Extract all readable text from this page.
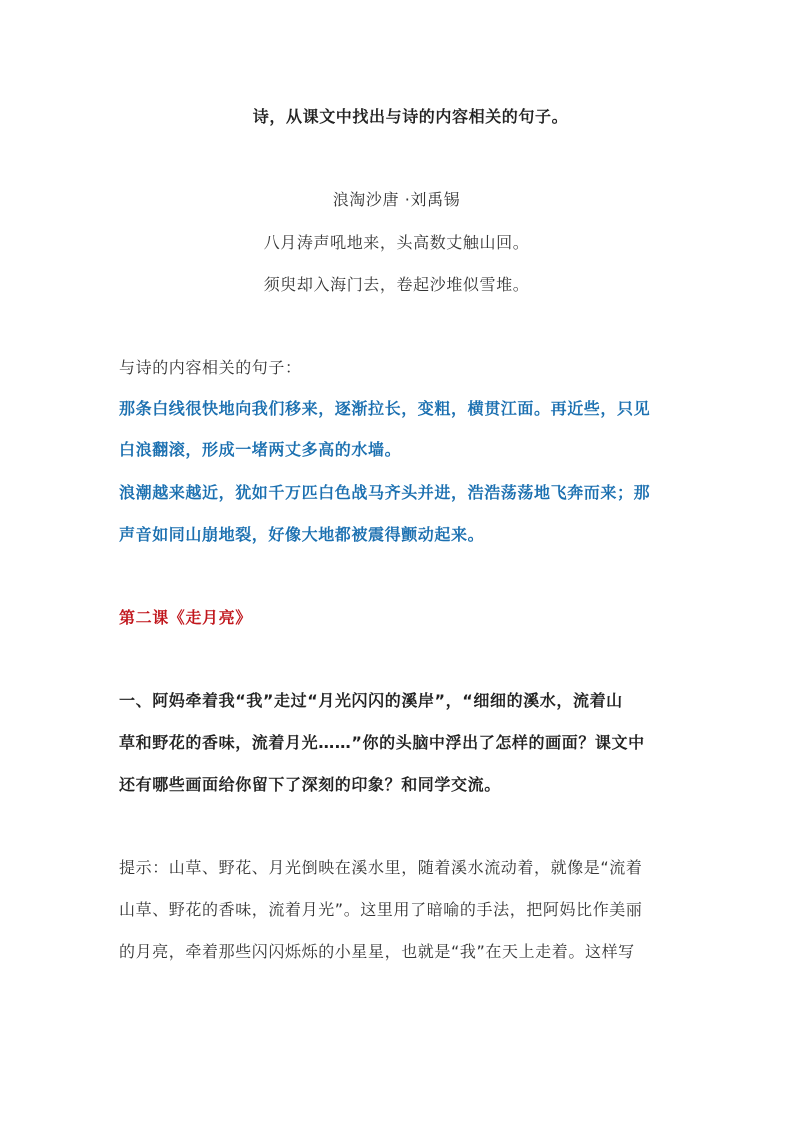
诗，从课文中找出与诗的内容相关的句子。
浪淘沙唐 ·刘禹锡
八月涛声吼地来，头高数丈触山回。
须臾却入海门去，卷起沙堆似雪堆。
与诗的内容相关的句子：
那条白线很快地向我们移来，逐渐拉长，变粗，横贯江面。再近些，只见
白浪翻滚，形成一堵两丈多高的水墙。
浪潮越来越近，犹如千万匹白色战马齐头并进，浩浩荡荡地飞奔而来；那
声音如同山崩地裂，好像大地都被震得颤动起来。
第二课《走月亮》
一、阿妈牵着我“我”走过“月光闪闪的溪岸”，“细细的溪水，流着山
草和野花的香味，流着月光……”你的头脑中浮出了怎样的画面？课文中
还有哪些画面给你留下了深刻的印象？和同学交流。
提示：山草、野花、月光倒映在溪水里，随着溪水流动着，就像是“流着
山草、野花的香味，流着月光”。这里用了暗喻的手法，把阿妈比作美丽
的月亮，牵着那些闪闪烁烁的小星星，也就是“我”在天上走着。这样写
